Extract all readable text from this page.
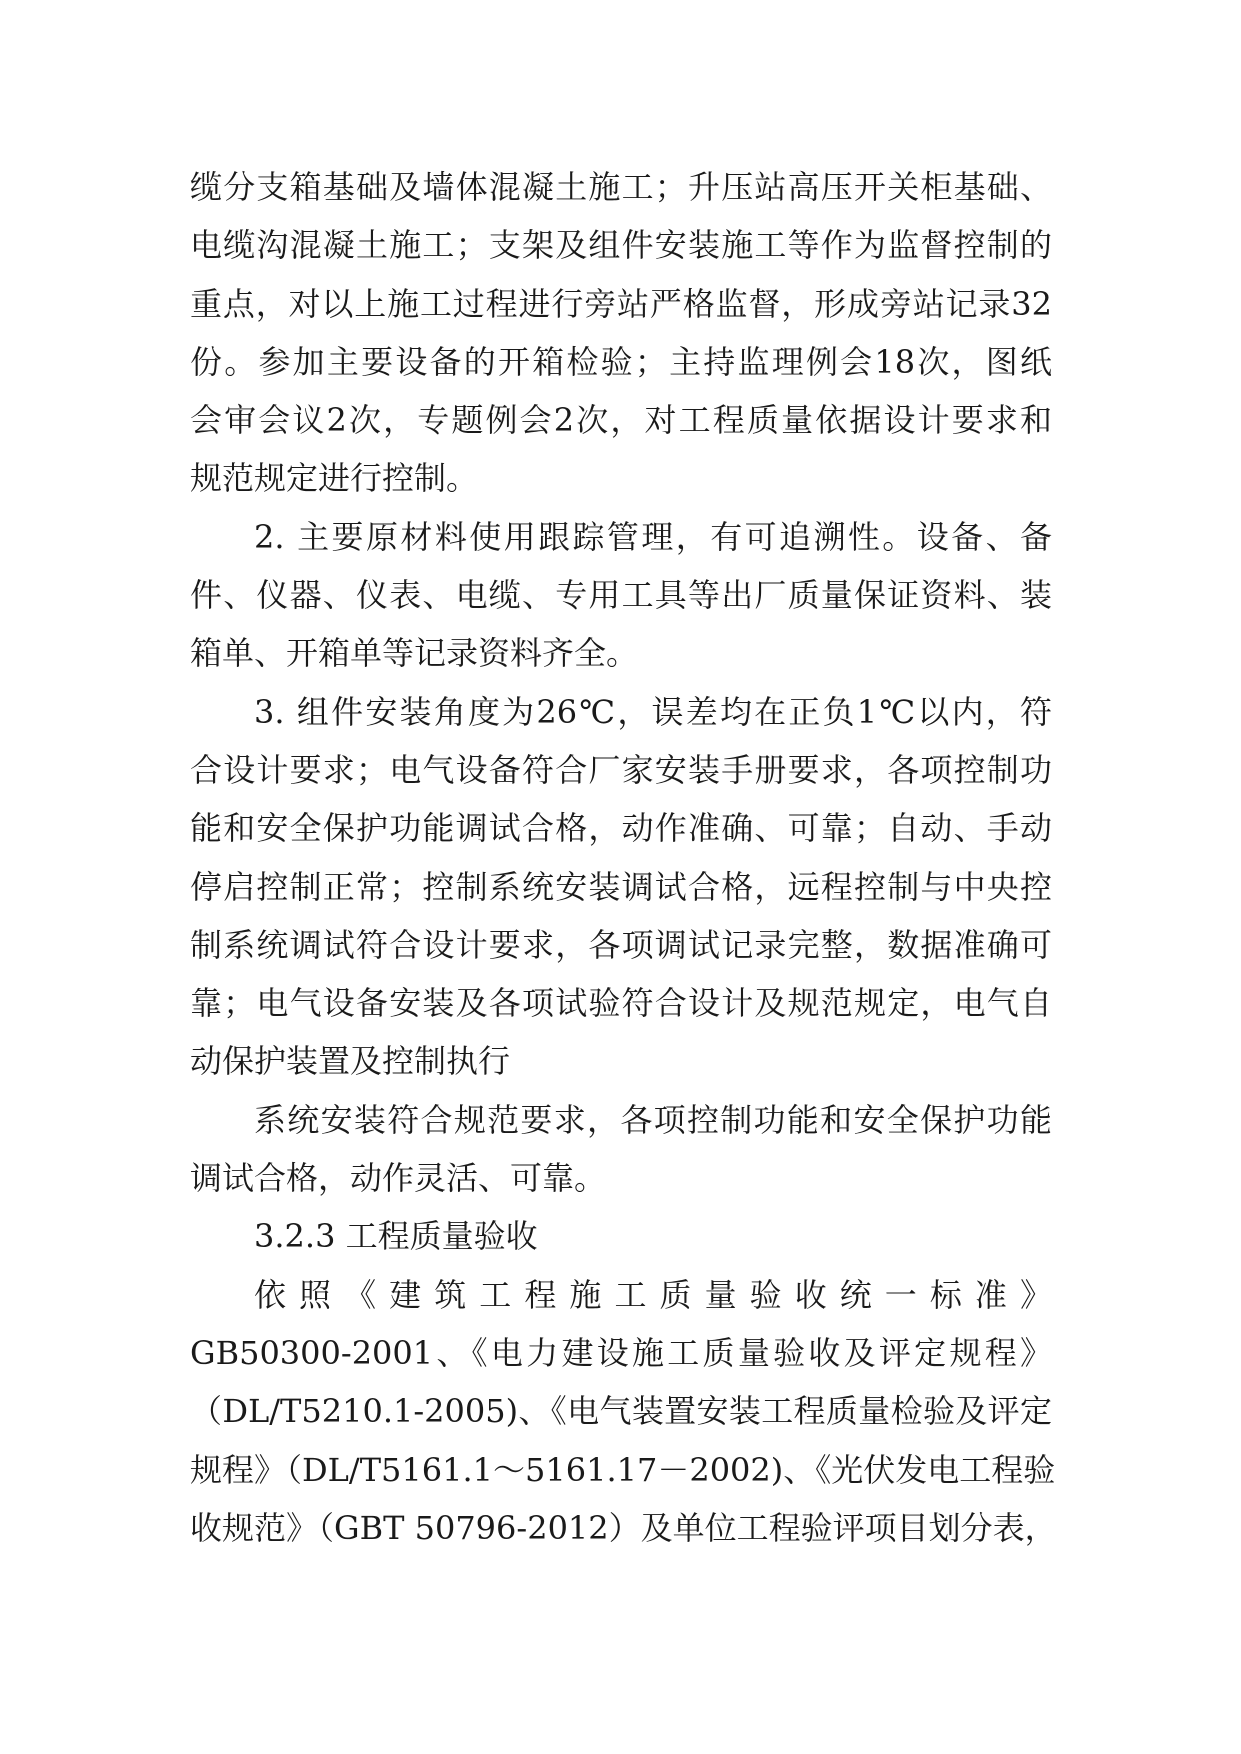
缆分支箱基础及墙体混凝土施工；升压站高压开关柜基础、
电缆沟混凝土施工；支架及组件安装施工等作为监督控制的
重点，对以上施工过程进行旁站严格监督，形成旁站记录32
份。参加主要设备的开箱检验；主持监理例会18次，图纸
会审会议2次，专题例会2次，对工程质量依据设计要求和
规范规定进行控制。
2. 主要原材料使用跟踪管理，有可追溯性。设备、备
件、仪器、仪表、电缆、专用工具等出厂质量保证资料、装
箱单、开箱单等记录资料齐全。
3. 组件安装角度为26℃，误差均在正负1℃以内，符
合设计要求；电气设备符合厂家安装手册要求，各项控制功
能和安全保护功能调试合格，动作准确、可靠；自动、手动
停启控制正常；控制系统安装调试合格，远程控制与中央控
制系统调试符合设计要求，各项调试记录完整，数据准确可
靠；电气设备安装及各项试验符合设计及规范规定，电气自
动保护装置及控制执行
系统安装符合规范要求，各项控制功能和安全保护功能
调试合格，动作灵活、可靠。
3.2.3 工程质量验收
依照《建筑工程施工质量验收统一标准》
GB50300-2001、《电力建设施工质量验收及评定规程》
（DL/T5210.1-2005)、《电气装置安装工程质量检验及评定
规程》（DL/T5161.1～5161.17－2002)、《光伏发电工程验
收规范》（GBT 50796-2012）及单位工程验评项目划分表，
